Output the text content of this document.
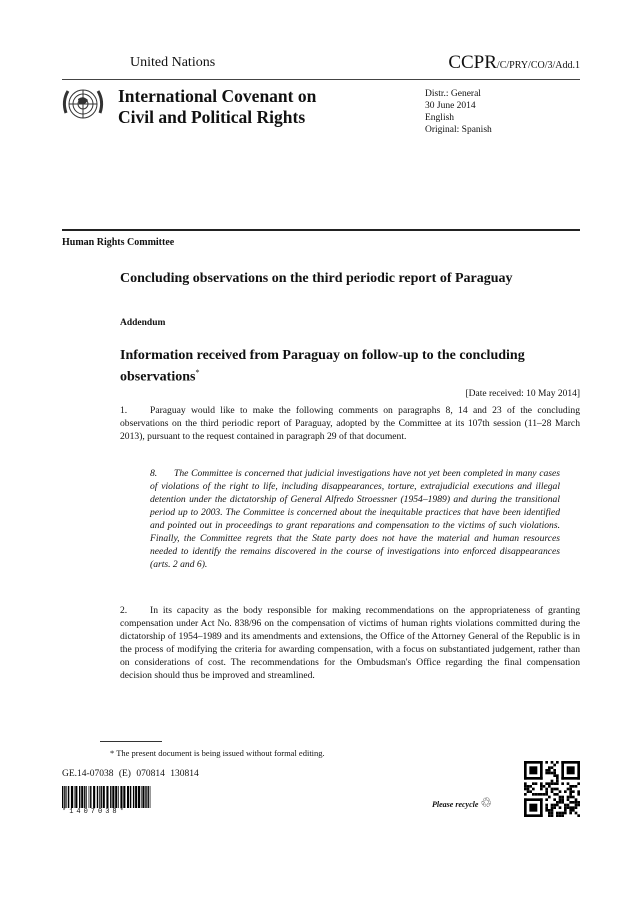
United Nations	CCPR/C/PRY/CO/3/Add.1
International Covenant on
Civil and Political Rights
Distr.: General
30 June 2014
English
Original: Spanish
Human Rights Committee
Concluding observations on the third periodic report of Paraguay
Addendum
Information received from Paraguay on follow-up to the concluding observations*
[Date received: 10 May 2014]
1. Paraguay would like to make the following comments on paragraphs 8, 14 and 23 of the concluding observations on the third periodic report of Paraguay, adopted by the Committee at its 107th session (11–28 March 2013), pursuant to the request contained in paragraph 29 of that document.
8. The Committee is concerned that judicial investigations have not yet been completed in many cases of violations of the right to life, including disappearances, torture, extrajudicial executions and illegal detention under the dictatorship of General Alfredo Stroessner (1954–1989) and during the transitional period up to 2003. The Committee is concerned about the inequitable practices that have been identified and pointed out in proceedings to grant reparations and compensation to the victims of such violations. Finally, the Committee regrets that the State party does not have the material and human resources needed to identify the remains discovered in the course of investigations into enforced disappearances (arts. 2 and 6).
2. In its capacity as the body responsible for making recommendations on the appropriateness of granting compensation under Act No. 838/96 on the compensation of victims of human rights violations committed during the dictatorship of 1954–1989 and its amendments and extensions, the Office of the Attorney General of the Republic is in the process of modifying the criteria for awarding compensation, with a focus on substantiated judgement, rather than on considerations of cost. The recommendations for the Ombudsman's Office regarding the final compensation decision should thus be improved and streamlined.
* The present document is being issued without formal editing.
GE.14-07038 (E) 070814 130814
*1407038*
Please recycle ♲
